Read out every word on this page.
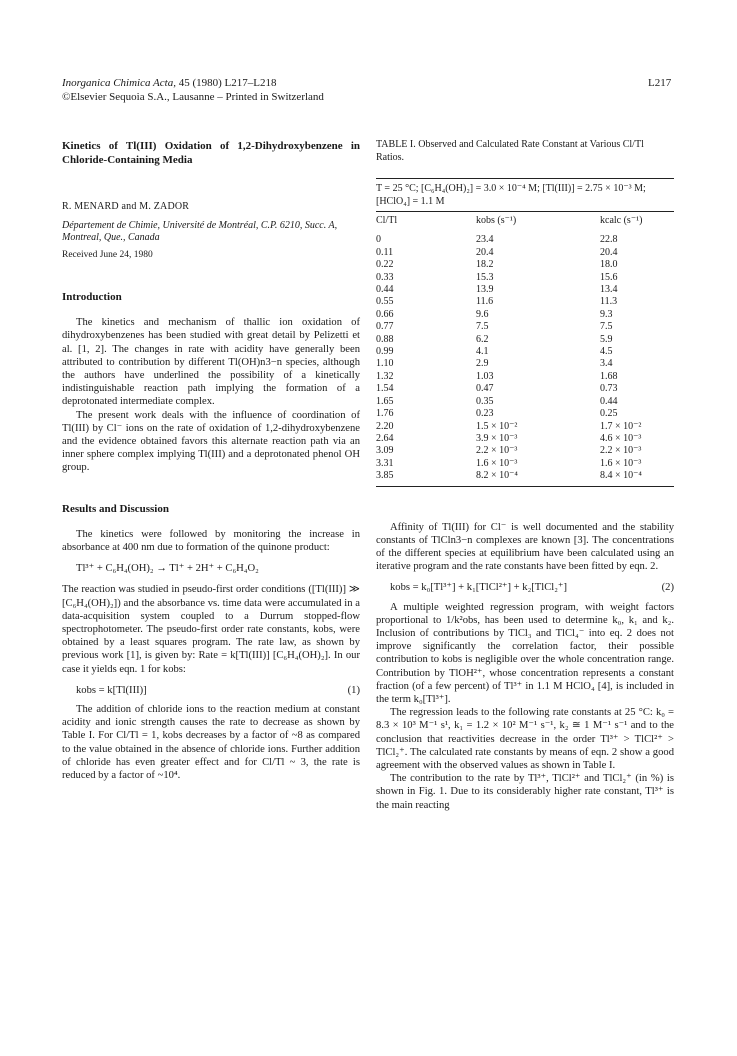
Inorganica Chimica Acta, 45 (1980) L217–L218
©Elsevier Sequoia S.A., Lausanne – Printed in Switzerland
L217
Kinetics of Tl(III) Oxidation of 1,2-Dihydroxybenzene in Chloride-Containing Media
R. MENARD and M. ZADOR
Département de Chimie, Université de Montréal, C.P. 6210, Succ. A, Montreal, Que., Canada
Received June 24, 1980
Introduction

The kinetics and mechanism of thallic ion oxidation of dihydroxybenzenes has been studied with great detail by Pelizetti et al. [1, 2]. The changes in rate with acidity have generally been attributed to contribution by different Tl(OH)n3−n species, although the authors have underlined the possibility of a kinetically indistinguishable reaction path implying the formation of a deprotonated intermediate complex.

The present work deals with the influence of coordination of Tl(III) by Cl⁻ ions on the rate of oxidation of 1,2-dihydroxybenzene and the evidence obtained favors this alternate reaction path via an inner sphere complex implying Tl(III) and a deprotonated phenol OH group.

Results and Discussion

The kinetics were followed by monitoring the increase in absorbance at 400 nm due to formation of the quinone product:

Tl³⁺ + C₆H₄(OH)₂ → Tl⁺ + 2H⁺ + C₆H₄O₂

The reaction was studied in pseudo-first order conditions ([Tl(III)] ≫ [C₆H₄(OH)₂]) and the absorbance vs. time data were accumulated in a data-acquisition system coupled to a Durrum stopped-flow spectrophotometer. The pseudo-first order rate constants, kobs, were obtained by a least squares program. The rate law, as shown by previous work [1], is given by: Rate = k[Tl(III)] [C₆H₄(OH)₂]. In our case it yields eqn. 1 for kobs:

kobs = k[Tl(III)]	(1)

The addition of chloride ions to the reaction medium at constant acidity and ionic strength causes the rate to decrease as shown by Table I. For Cl/Tl = 1, kobs decreases by a factor of ~8 as compared to the value obtained in the absence of chloride ions. Further addition of chloride has even greater effect and for Cl/Tl ~ 3, the rate is reduced by a factor of ~10⁴.

TABLE I. Observed and Calculated Rate Constant at Various Cl/Tl Ratios.
T = 25 °C; [C₆H₄(OH)₂] = 3.0 × 10⁻⁴ M; [Tl(III)] = 2.75 × 10⁻³ M; [HClO₄] = 1.1 M
Cl/Tl	kobs (s⁻¹)	kcalc (s⁻¹)
0	23.4	22.8
0.11	20.4	20.4
0.22	18.2	18.0
0.33	15.3	15.6
0.44	13.9	13.4
0.55	11.6	11.3
0.66	9.6	9.3
0.77	7.5	7.5
0.88	6.2	5.9
0.99	4.1	4.5
1.10	2.9	3.4
1.32	1.03	1.68
1.54	0.47	0.73
1.65	0.35	0.44
1.76	0.23	0.25
2.20	1.5 × 10⁻²	1.7 × 10⁻²
2.64	3.9 × 10⁻³	4.6 × 10⁻³
3.09	2.2 × 10⁻³	2.2 × 10⁻³
3.31	1.6 × 10⁻³	1.6 × 10⁻³
3.85	8.2 × 10⁻⁴	8.4 × 10⁻⁴

Affinity of Tl(III) for Cl⁻ is well documented and the stability constants of TlCln3−n complexes are known [3]. The concentrations of the different species at equilibrium have been calculated using an iterative program and the rate constants have been fitted by eqn. 2.

kobs = k₀[Tl³⁺] + k₁[TlCl²⁺] + k₂[TlCl₂⁺]	(2)

A multiple weighted regression program, with weight factors proportional to 1/k²obs, has been used to determine k₀, k₁ and k₂. Inclusion of contributions by TlCl₃ and TlCl₄⁻ into eq. 2 does not improve significantly the correlation factor, their possible contribution to kobs is negligible over the whole concentration range. Contribution by TlOH²⁺, whose concentration represents a constant fraction (of a few percent) of Tl³⁺ in 1.1 M HClO₄ [4], is included in the term k₀[Tl³⁺].

The regression leads to the following rate constants at 25 °C: k₀ = 8.3 × 10³ M⁻¹ s¹, k₁ = 1.2 × 10² M⁻¹ s⁻¹, k₂ ≅ 1 M⁻¹ s⁻¹ and to the conclusion that reactivities decrease in the order Tl³⁺ > TlCl²⁺ > TlCl₂⁺. The calculated rate constants by means of eqn. 2 show a good agreement with the observed values as shown in Table I.

The contribution to the rate by Tl³⁺, TlCl²⁺ and TlCl₂⁺ (in %) is shown in Fig. 1. Due to its considerably higher rate constant, Tl³⁺ is the main reacting
